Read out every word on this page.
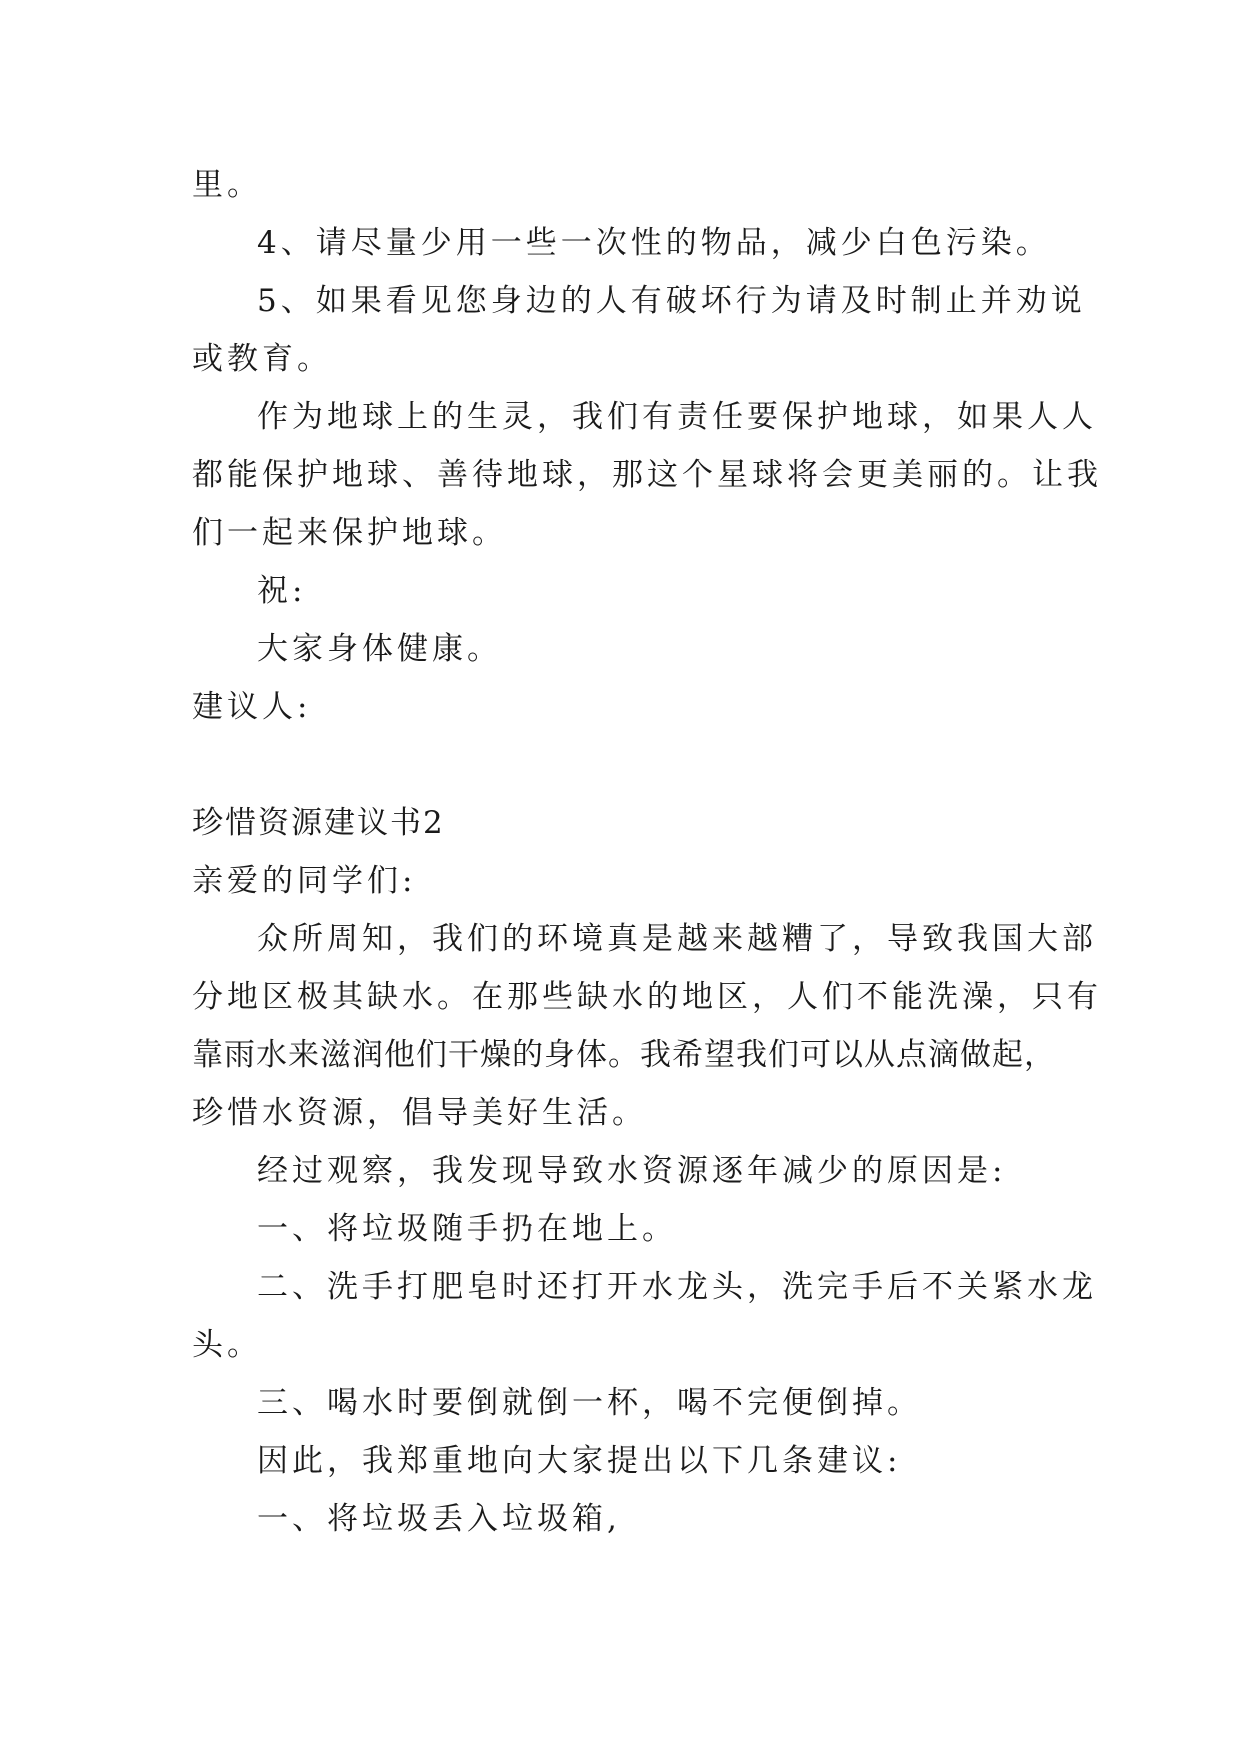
里。
4、请尽量少用一些一次性的物品，减少白色污染。
5、如果看见您身边的人有破坏行为请及时制止并劝说
或教育。
作为地球上的生灵，我们有责任要保护地球，如果人人
都能保护地球、善待地球，那这个星球将会更美丽的。让我
们一起来保护地球。
祝:
大家身体健康。
建议人:
珍惜资源建议书2
亲爱的同学们:
众所周知，我们的环境真是越来越糟了，导致我国大部
分地区极其缺水。在那些缺水的地区，人们不能洗澡，只有
靠雨水来滋润他们干燥的身体。我希望我们可以从点滴做起，
珍惜水资源，倡导美好生活。
经过观察，我发现导致水资源逐年减少的原因是:
一、将垃圾随手扔在地上。
二、洗手打肥皂时还打开水龙头，洗完手后不关紧水龙
头。
三、喝水时要倒就倒一杯，喝不完便倒掉。
因此，我郑重地向大家提出以下几条建议:
一、将垃圾丢入垃圾箱,
